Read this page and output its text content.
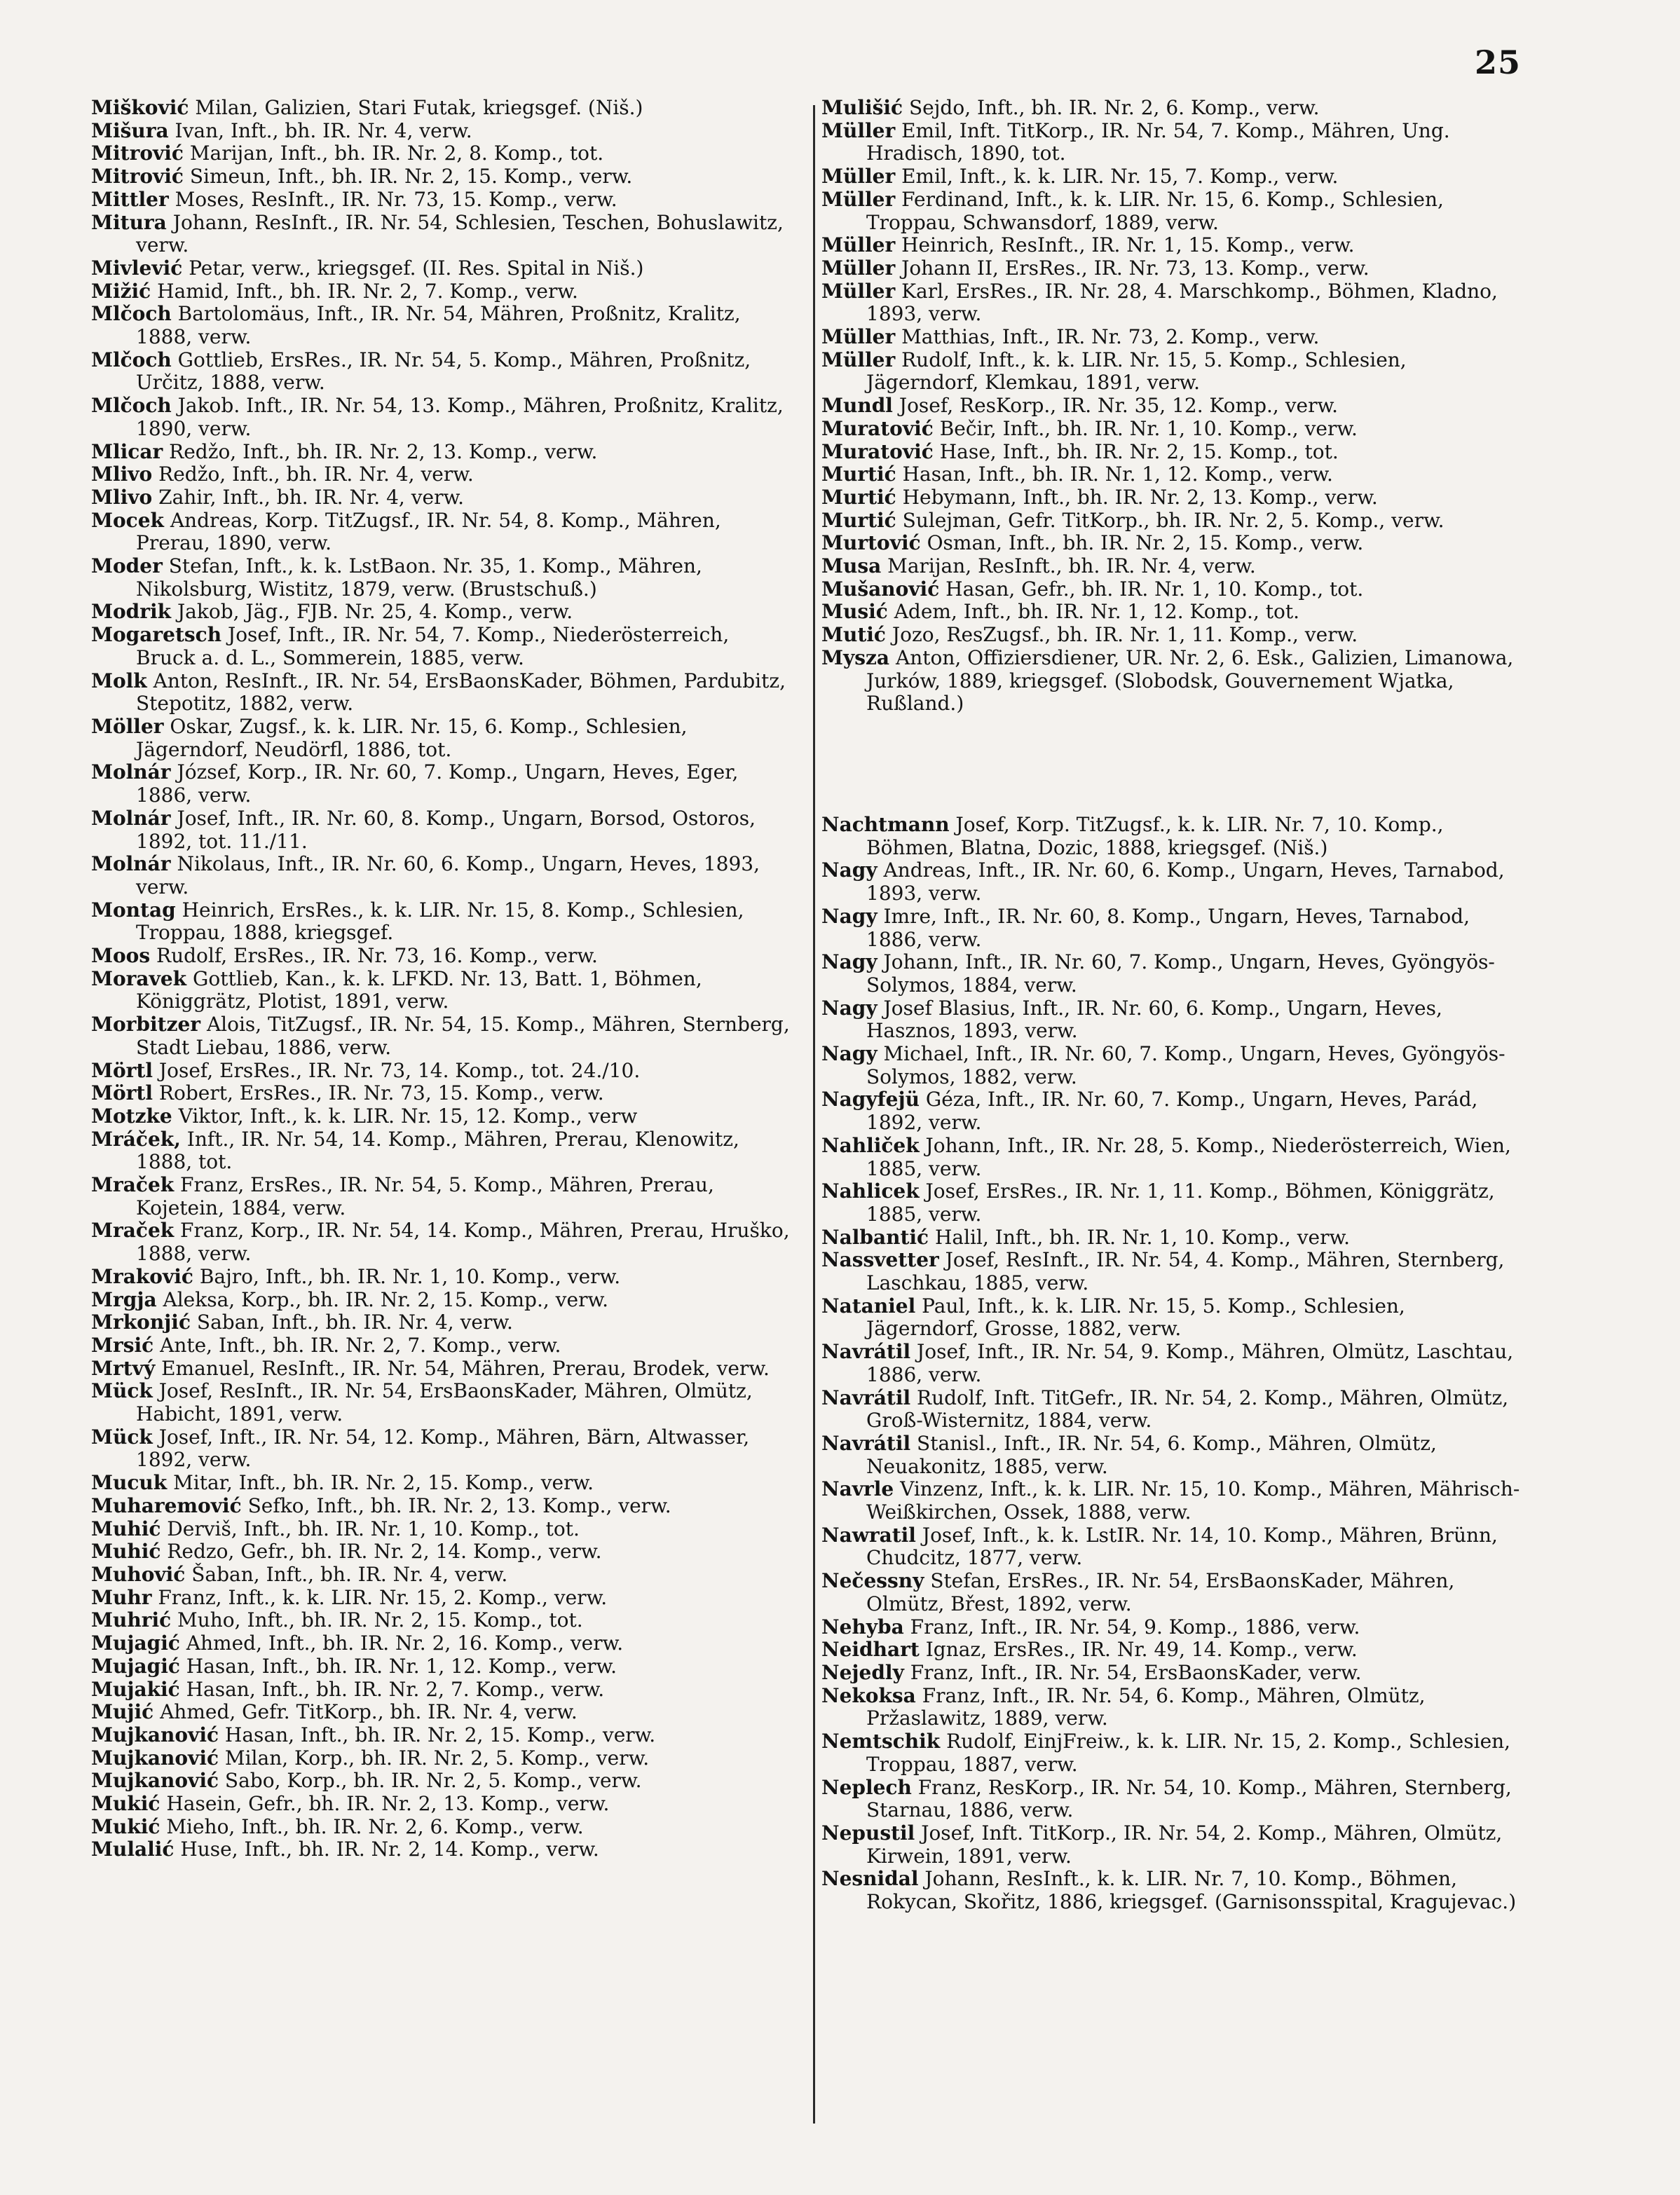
25
Mišković Milan, Galizien, Stari Futak, kriegsgef. (Niš.)
Mišura Ivan, Inft., bh. IR. Nr. 4, verw.
Mitrović Marijan, Inft., bh. IR. Nr. 2, 8. Komp., tot.
Mitrović Simeun, Inft., bh. IR. Nr. 2, 15. Komp., verw.
Mittler Moses, ResInft., IR. Nr. 73, 15. Komp., verw.
Mitura Johann, ResInft., IR. Nr. 54, Schlesien, Teschen, Bohuslawitz, verw.
Mivlević Petar, verw., kriegsgef. (II. Res. Spital in Niš.)
Mižić Hamid, Inft., bh. IR. Nr. 2, 7. Komp., verw.
Mlčoch Bartolomäus, Inft., IR. Nr. 54, Mähren, Proßnitz, Kralitz, 1888, verw.
Mlčoch Gottlieb, ErsRes., IR. Nr. 54, 5. Komp., Mähren, Proßnitz, Určitz, 1888, verw.
Mlčoch Jakob. Inft., IR. Nr. 54, 13. Komp., Mähren, Proßnitz, Kralitz, 1890, verw.
Mlicar Redžo, Inft., bh. IR. Nr. 2, 13. Komp., verw.
Mlivo Redžo, Inft., bh. IR. Nr. 4, verw.
Mlivo Zahir, Inft., bh. IR. Nr. 4, verw.
Mocek Andreas, Korp. TitZugsf., IR. Nr. 54, 8. Komp., Mähren, Prerau, 1890, verw.
Moder Stefan, Inft., k. k. LstBaon. Nr. 35, 1. Komp., Mähren, Nikolsburg, Wistitz, 1879, verw. (Brustschuß.)
Modrik Jakob, Jäg., FJB. Nr. 25, 4. Komp., verw.
Mogaretsch Josef, Inft., IR. Nr. 54, 7. Komp., Niederösterreich, Bruck a. d. L., Sommerein, 1885, verw.
Molk Anton, ResInft., IR. Nr. 54, ErsBaonsKader, Böhmen, Pardubitz, Stepotitz, 1882, verw.
Möller Oskar, Zugsf., k. k. LIR. Nr. 15, 6. Komp., Schlesien, Jägerndorf, Neudörfl, 1886, tot.
Molnár József, Korp., IR. Nr. 60, 7. Komp., Ungarn, Heves, Eger, 1886, verw.
Molnár Josef, Inft., IR. Nr. 60, 8. Komp., Ungarn, Borsod, Ostoros, 1892, tot. 11./11.
Molnár Nikolaus, Inft., IR. Nr. 60, 6. Komp., Ungarn, Heves, 1893, verw.
Montag Heinrich, ErsRes., k. k. LIR. Nr. 15, 8. Komp., Schlesien, Troppau, 1888, kriegsgef.
Moos Rudolf, ErsRes., IR. Nr. 73, 16. Komp., verw.
Moravek Gottlieb, Kan., k. k. LFKD. Nr. 13, Batt. 1, Böhmen, Königgrätz, Plotist, 1891, verw.
Morbitzer Alois, TitZugsf., IR. Nr. 54, 15. Komp., Mähren, Sternberg, Stadt Liebau, 1886, verw.
Mörtl Josef, ErsRes., IR. Nr. 73, 14. Komp., tot. 24./10.
Mörtl Robert, ErsRes., IR. Nr. 73, 15. Komp., verw.
Motzke Viktor, Inft., k. k. LIR. Nr. 15, 12. Komp., verw
Mráček, Inft., IR. Nr. 54, 14. Komp., Mähren, Prerau, Klenowitz, 1888, tot.
Mraček Franz, ErsRes., IR. Nr. 54, 5. Komp., Mähren, Prerau, Kojetein, 1884, verw.
Mraček Franz, Korp., IR. Nr. 54, 14. Komp., Mähren, Prerau, Hruško, 1888, verw.
Mraković Bajro, Inft., bh. IR. Nr. 1, 10. Komp., verw.
Mrgja Aleksa, Korp., bh. IR. Nr. 2, 15. Komp., verw.
Mrkonjić Saban, Inft., bh. IR. Nr. 4, verw.
Mrsić Ante, Inft., bh. IR. Nr. 2, 7. Komp., verw.
Mrtvý Emanuel, ResInft., IR. Nr. 54, Mähren, Prerau, Brodek, verw.
Mück Josef, ResInft., IR. Nr. 54, ErsBaonsKader, Mähren, Olmütz, Habicht, 1891, verw.
Mück Josef, Inft., IR. Nr. 54, 12. Komp., Mähren, Bärn, Altwasser, 1892, verw.
Mucuk Mitar, Inft., bh. IR. Nr. 2, 15. Komp., verw.
Muharemović Sefko, Inft., bh. IR. Nr. 2, 13. Komp., verw.
Muhić Derviš, Inft., bh. IR. Nr. 1, 10. Komp., tot.
Muhić Redzo, Gefr., bh. IR. Nr. 2, 14. Komp., verw.
Muhović Šaban, Inft., bh. IR. Nr. 4, verw.
Muhr Franz, Inft., k. k. LIR. Nr. 15, 2. Komp., verw.
Muhrić Muho, Inft., bh. IR. Nr. 2, 15. Komp., tot.
Mujagić Ahmed, Inft., bh. IR. Nr. 2, 16. Komp., verw.
Mujagić Hasan, Inft., bh. IR. Nr. 1, 12. Komp., verw.
Mujakić Hasan, Inft., bh. IR. Nr. 2, 7. Komp., verw.
Mujić Ahmed, Gefr. TitKorp., bh. IR. Nr. 4, verw.
Mujkanović Hasan, Inft., bh. IR. Nr. 2, 15. Komp., verw.
Mujkanović Milan, Korp., bh. IR. Nr. 2, 5. Komp., verw.
Mujkanović Sabo, Korp., bh. IR. Nr. 2, 5. Komp., verw.
Mukić Hasein, Gefr., bh. IR. Nr. 2, 13. Komp., verw.
Mukić Mieho, Inft., bh. IR. Nr. 2, 6. Komp., verw.
Mulalić Huse, Inft., bh. IR. Nr. 2, 14. Komp., verw.
Mulišić Sejdo, Inft., bh. IR. Nr. 2, 6. Komp., verw.
Müller Emil, Inft. TitKorp., IR. Nr. 54, 7. Komp., Mähren, Ung. Hradisch, 1890, tot.
Müller Emil, Inft., k. k. LIR. Nr. 15, 7. Komp., verw.
Müller Ferdinand, Inft., k. k. LIR. Nr. 15, 6. Komp., Schlesien, Troppau, Schwansdorf, 1889, verw.
Müller Heinrich, ResInft., IR. Nr. 1, 15. Komp., verw.
Müller Johann II, ErsRes., IR. Nr. 73, 13. Komp., verw.
Müller Karl, ErsRes., IR. Nr. 28, 4. Marschkomp., Böhmen, Kladno, 1893, verw.
Müller Matthias, Inft., IR. Nr. 73, 2. Komp., verw.
Müller Rudolf, Inft., k. k. LIR. Nr. 15, 5. Komp., Schlesien, Jägerndorf, Klemkau, 1891, verw.
Mundl Josef, ResKorp., IR. Nr. 35, 12. Komp., verw.
Muratović Bečir, Inft., bh. IR. Nr. 1, 10. Komp., verw.
Muratović Hase, Inft., bh. IR. Nr. 2, 15. Komp., tot.
Murtić Hasan, Inft., bh. IR. Nr. 1, 12. Komp., verw.
Murtić Hebymann, Inft., bh. IR. Nr. 2, 13. Komp., verw.
Murtić Sulejman, Gefr. TitKorp., bh. IR. Nr. 2, 5. Komp., verw.
Murtović Osman, Inft., bh. IR. Nr. 2, 15. Komp., verw.
Musa Marijan, ResInft., bh. IR. Nr. 4, verw.
Mušanović Hasan, Gefr., bh. IR. Nr. 1, 10. Komp., tot.
Musić Adem, Inft., bh. IR. Nr. 1, 12. Komp., tot.
Mutić Jozo, ResZugsf., bh. IR. Nr. 1, 11. Komp., verw.
Mysza Anton, Offiziersdiener, UR. Nr. 2, 6. Esk., Galizien, Limanowa, Jurków, 1889, kriegsgef. (Slobodsk, Gouvernement Wjatka, Rußland.)
Nachtmann Josef, Korp. TitZugsf., k. k. LIR. Nr. 7, 10. Komp., Böhmen, Blatna, Dozic, 1888, kriegsgef. (Niš.)
Nagy Andreas, Inft., IR. Nr. 60, 6. Komp., Ungarn, Heves, Tarnabod, 1893, verw.
Nagy Imre, Inft., IR. Nr. 60, 8. Komp., Ungarn, Heves, Tarnabod, 1886, verw.
Nagy Johann, Inft., IR. Nr. 60, 7. Komp., Ungarn, Heves, Gyöngyös-Solymos, 1884, verw.
Nagy Josef Blasius, Inft., IR. Nr. 60, 6. Komp., Ungarn, Heves, Hasznos, 1893, verw.
Nagy Michael, Inft., IR. Nr. 60, 7. Komp., Ungarn, Heves, Gyöngyös-Solymos, 1882, verw.
Nagyfejü Géza, Inft., IR. Nr. 60, 7. Komp., Ungarn, Heves, Parád, 1892, verw.
Nahliček Johann, Inft., IR. Nr. 28, 5. Komp., Niederösterreich, Wien, 1885, verw.
Nahlicek Josef, ErsRes., IR. Nr. 1, 11. Komp., Böhmen, Königgrätz, 1885, verw.
Nalbantić Halil, Inft., bh. IR. Nr. 1, 10. Komp., verw.
Nassvetter Josef, ResInft., IR. Nr. 54, 4. Komp., Mähren, Sternberg, Laschkau, 1885, verw.
Nataniel Paul, Inft., k. k. LIR. Nr. 15, 5. Komp., Schlesien, Jägerndorf, Grosse, 1882, verw.
Navrátil Josef, Inft., IR. Nr. 54, 9. Komp., Mähren, Olmütz, Laschtau, 1886, verw.
Navrátil Rudolf, Inft. TitGefr., IR. Nr. 54, 2. Komp., Mähren, Olmütz, Groß-Wisternitz, 1884, verw.
Navrátil Stanisl., Inft., IR. Nr. 54, 6. Komp., Mähren, Olmütz, Neuakonitz, 1885, verw.
Navrle Vinzenz, Inft., k. k. LIR. Nr. 15, 10. Komp., Mähren, Mährisch-Weißkirchen, Ossek, 1888, verw.
Nawratil Josef, Inft., k. k. LstIR. Nr. 14, 10. Komp., Mähren, Brünn, Chudcitz, 1877, verw.
Nečessny Stefan, ErsRes., IR. Nr. 54, ErsBaonsKader, Mähren, Olmütz, Břest, 1892, verw.
Nehyba Franz, Inft., IR. Nr. 54, 9. Komp., 1886, verw.
Neidhart Ignaz, ErsRes., IR. Nr. 49, 14. Komp., verw.
Nejedly Franz, Inft., IR. Nr. 54, ErsBaonsKader, verw.
Nekoksa Franz, Inft., IR. Nr. 54, 6. Komp., Mähren, Olmütz, Pržaslawitz, 1889, verw.
Nemtschik Rudolf, EinjFreiw., k. k. LIR. Nr. 15, 2. Komp., Schlesien, Troppau, 1887, verw.
Neplech Franz, ResKorp., IR. Nr. 54, 10. Komp., Mähren, Sternberg, Starnau, 1886, verw.
Nepustil Josef, Inft. TitKorp., IR. Nr. 54, 2. Komp., Mähren, Olmütz, Kirwein, 1891, verw.
Nesnidal Johann, ResInft., k. k. LIR. Nr. 7, 10. Komp., Böhmen, Rokycan, Skořitz, 1886, kriegsgef. (Garnisonsspital, Kragujevac.)
